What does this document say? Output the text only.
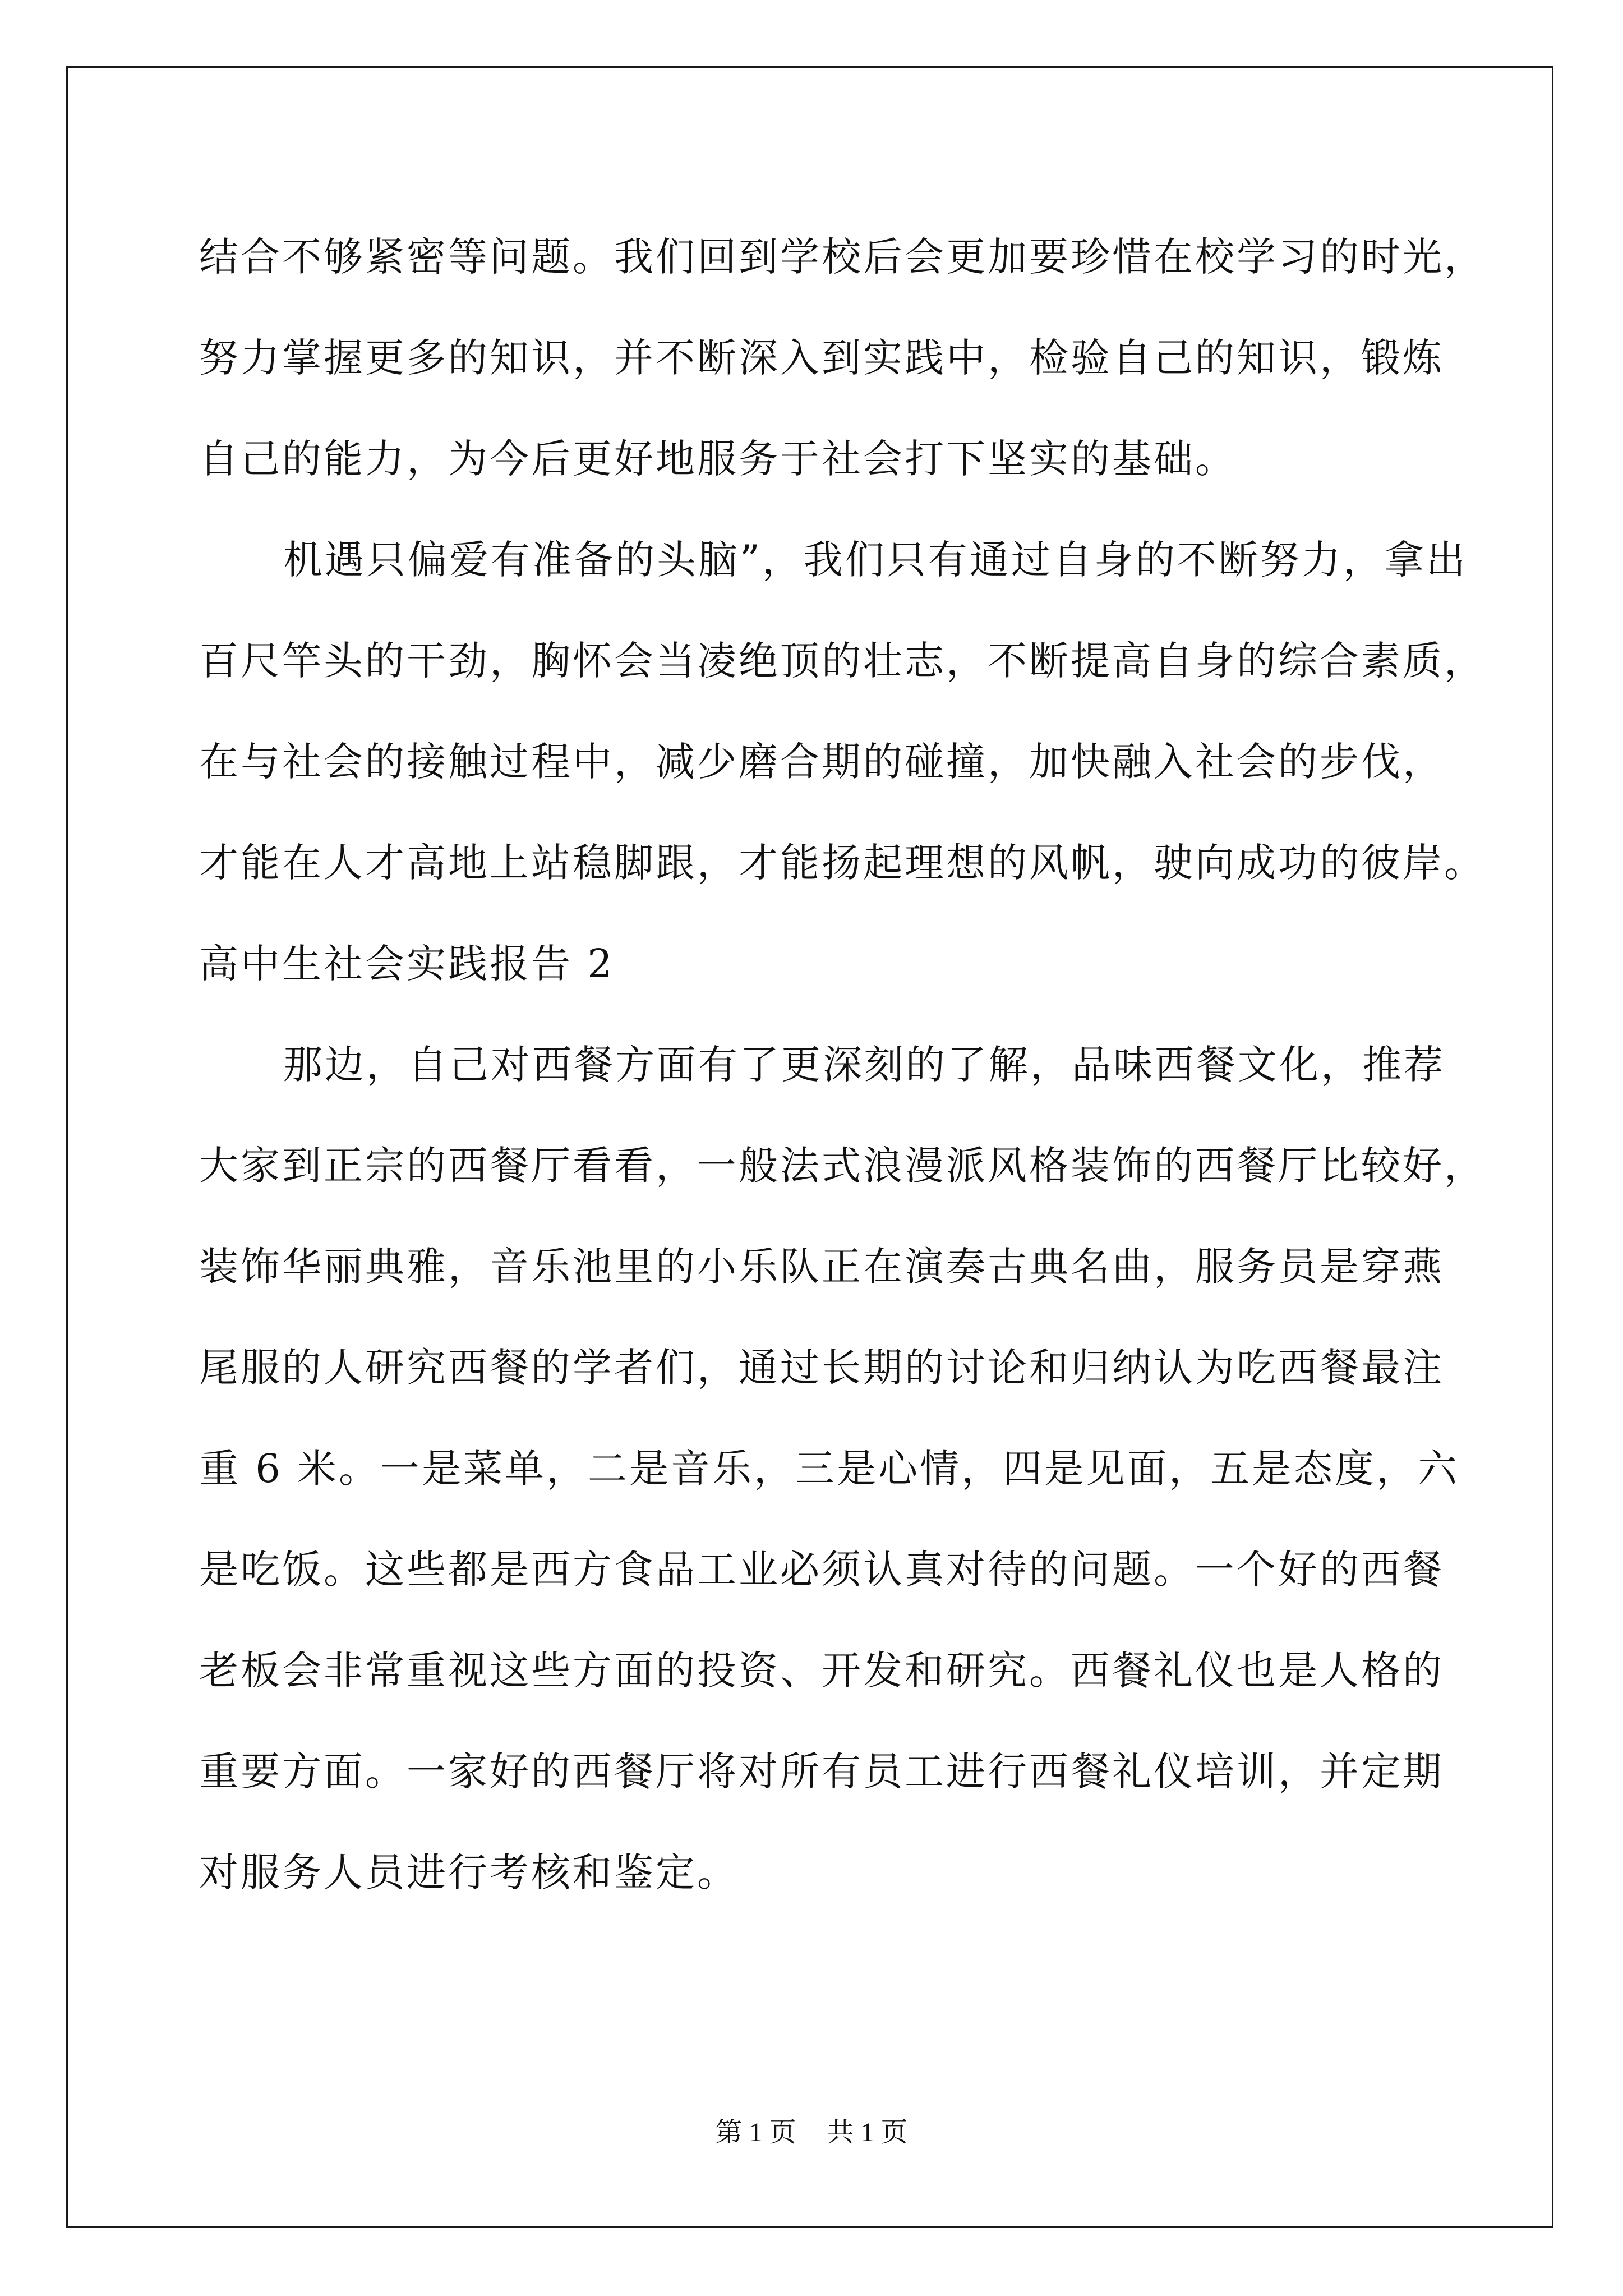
结合不够紧密等问题。我们回到学校后会更加要珍惜在校学习的时光，
努力掌握更多的知识，并不断深入到实践中，检验自己的知识，锻炼
自己的能力，为今后更好地服务于社会打下坚实的基础。
机遇只偏爱有准备的头脑”，我们只有通过自身的不断努力，拿出
百尺竿头的干劲，胸怀会当凌绝顶的壮志，不断提高自身的综合素质，
在与社会的接触过程中，减少磨合期的碰撞，加快融入社会的步伐，
才能在人才高地上站稳脚跟，才能扬起理想的风帆，驶向成功的彼岸。
高中生社会实践报告 2
那边，自己对西餐方面有了更深刻的了解，品味西餐文化，推荐
大家到正宗的西餐厅看看，一般法式浪漫派风格装饰的西餐厅比较好，
装饰华丽典雅，音乐池里的小乐队正在演奏古典名曲，服务员是穿燕
尾服的人研究西餐的学者们，通过长期的讨论和归纳认为吃西餐最注
重 6 米。一是菜单，二是音乐，三是心情，四是见面，五是态度，六
是吃饭。这些都是西方食品工业必须认真对待的问题。一个好的西餐
老板会非常重视这些方面的投资、开发和研究。西餐礼仪也是人格的
重要方面。一家好的西餐厅将对所有员工进行西餐礼仪培训，并定期
对服务人员进行考核和鉴定。
第 1 页 共 1 页
